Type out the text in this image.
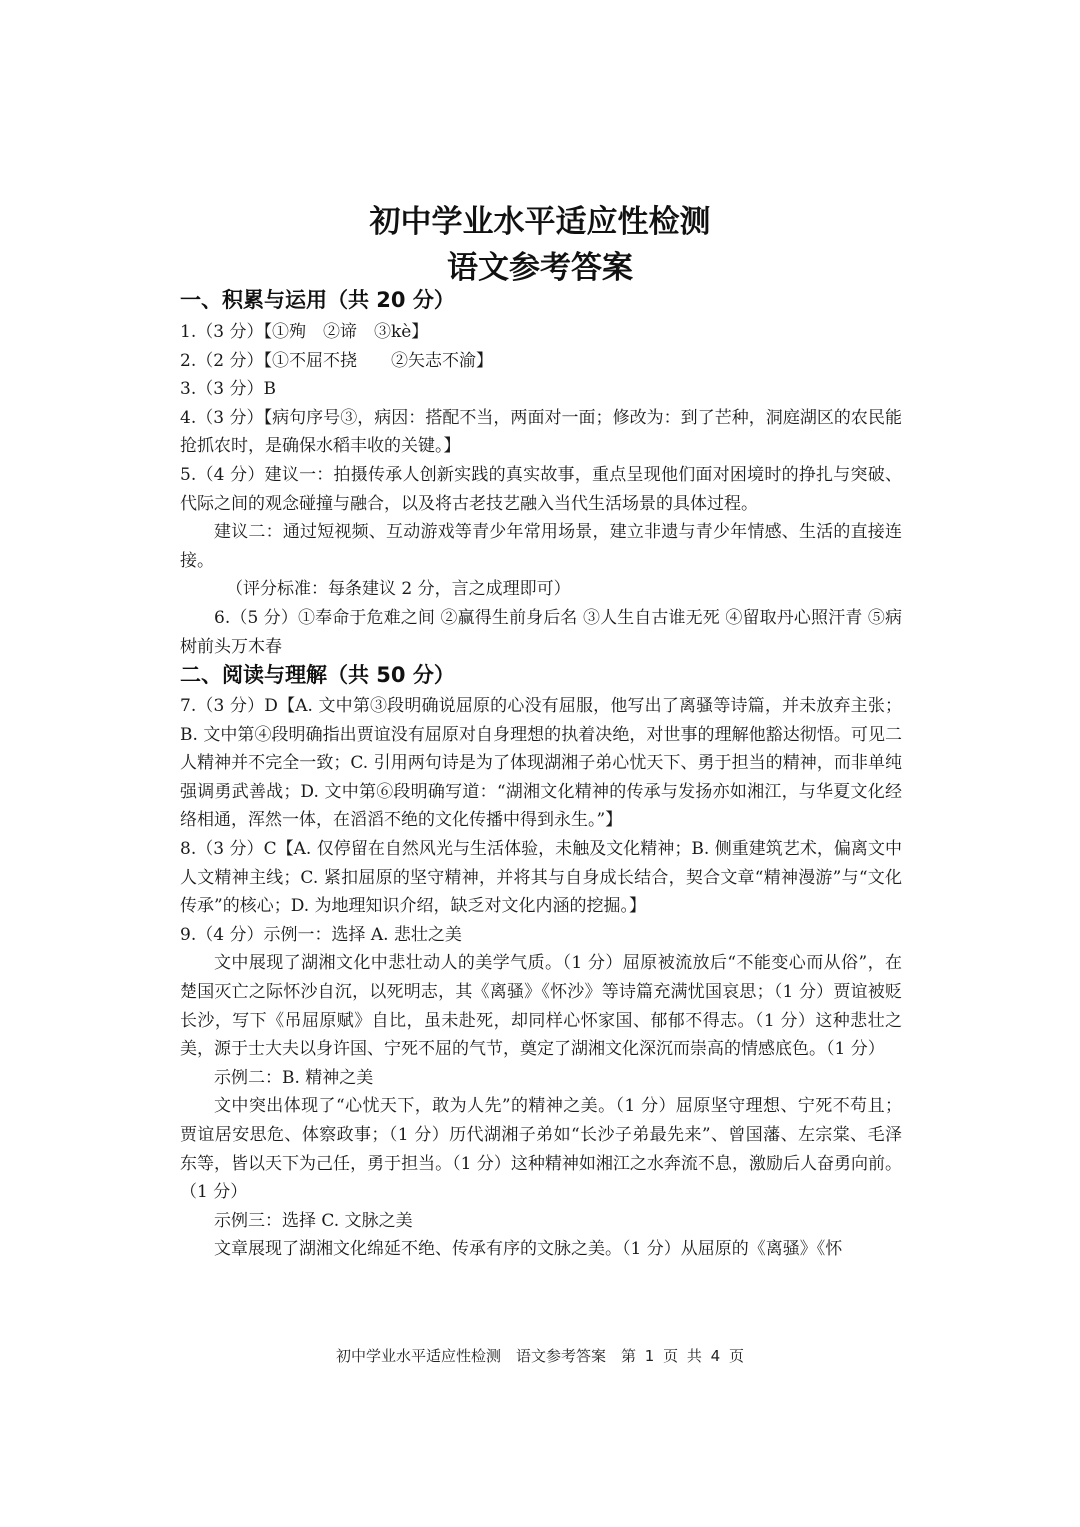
初中学业水平适应性检测
语文参考答案
一、积累与运用（共 20 分）

1.（3 分）【①殉　②谛　③kè】

2.（2 分）【①不屈不挠　　②矢志不渝】

3.（3 分）B

4.（3 分）【病句序号③，病因：搭配不当，两面对一面；修改为：到了芒种，洞庭湖区的农民能抢抓农时，是确保水稻丰收的关键。】

5.（4 分）建议一：拍摄传承人创新实践的真实故事，重点呈现他们面对困境时的挣扎与突破、代际之间的观念碰撞与融合，以及将古老技艺融入当代生活场景的具体过程。

建议二：通过短视频、互动游戏等青少年常用场景，建立非遗与青少年情感、生活的直接连接。

（评分标准：每条建议 2 分，言之成理即可）

6.（5 分）①奉命于危难之间 ②赢得生前身后名 ③人生自古谁无死 ④留取丹心照汗青 ⑤病树前头万木春

二、阅读与理解（共 50 分）

7.（3 分）D【A. 文中第③段明确说屈原的心没有屈服，他写出了离骚等诗篇，并未放弃主张；B. 文中第④段明确指出贾谊没有屈原对自身理想的执着决绝，对世事的理解他豁达彻悟。可见二人精神并不完全一致；C. 引用两句诗是为了体现湖湘子弟心忧天下、勇于担当的精神，而非单纯强调勇武善战；D. 文中第⑥段明确写道：“湖湘文化精神的传承与发扬亦如湘江，与华夏文化经络相通，浑然一体，在滔滔不绝的文化传播中得到永生。”】

8.（3 分）C【A. 仅停留在自然风光与生活体验，未触及文化精神；B. 侧重建筑艺术，偏离文中人文精神主线；C. 紧扣屈原的坚守精神，并将其与自身成长结合，契合文章“精神漫游”与“文化传承”的核心；D. 为地理知识介绍，缺乏对文化内涵的挖掘。】

9.（4 分）示例一：选择 A. 悲壮之美

文中展现了湖湘文化中悲壮动人的美学气质。（1 分）屈原被流放后“不能变心而从俗”，在楚国灭亡之际怀沙自沉，以死明志，其《离骚》《怀沙》等诗篇充满忧国哀思；（1 分）贾谊被贬长沙，写下《吊屈原赋》自比，虽未赴死，却同样心怀家国、郁郁不得志。（1 分）这种悲壮之美，源于士大夫以身许国、宁死不屈的气节，奠定了湖湘文化深沉而崇高的情感底色。（1 分）

示例二：B. 精神之美

文中突出体现了“心忧天下，敢为人先”的精神之美。（1 分）屈原坚守理想、宁死不苟且；贾谊居安思危、体察政事；（1 分）历代湖湘子弟如“长沙子弟最先来”、曾国藩、左宗棠、毛泽东等，皆以天下为己任，勇于担当。（1 分）这种精神如湘江之水奔流不息，激励后人奋勇向前。（1 分）

示例三：选择 C. 文脉之美

文章展现了湖湘文化绵延不绝、传承有序的文脉之美。（1 分）从屈原的《离骚》《怀

初中学业水平适应性检测　语文参考答案　第 1 页 共 4 页
